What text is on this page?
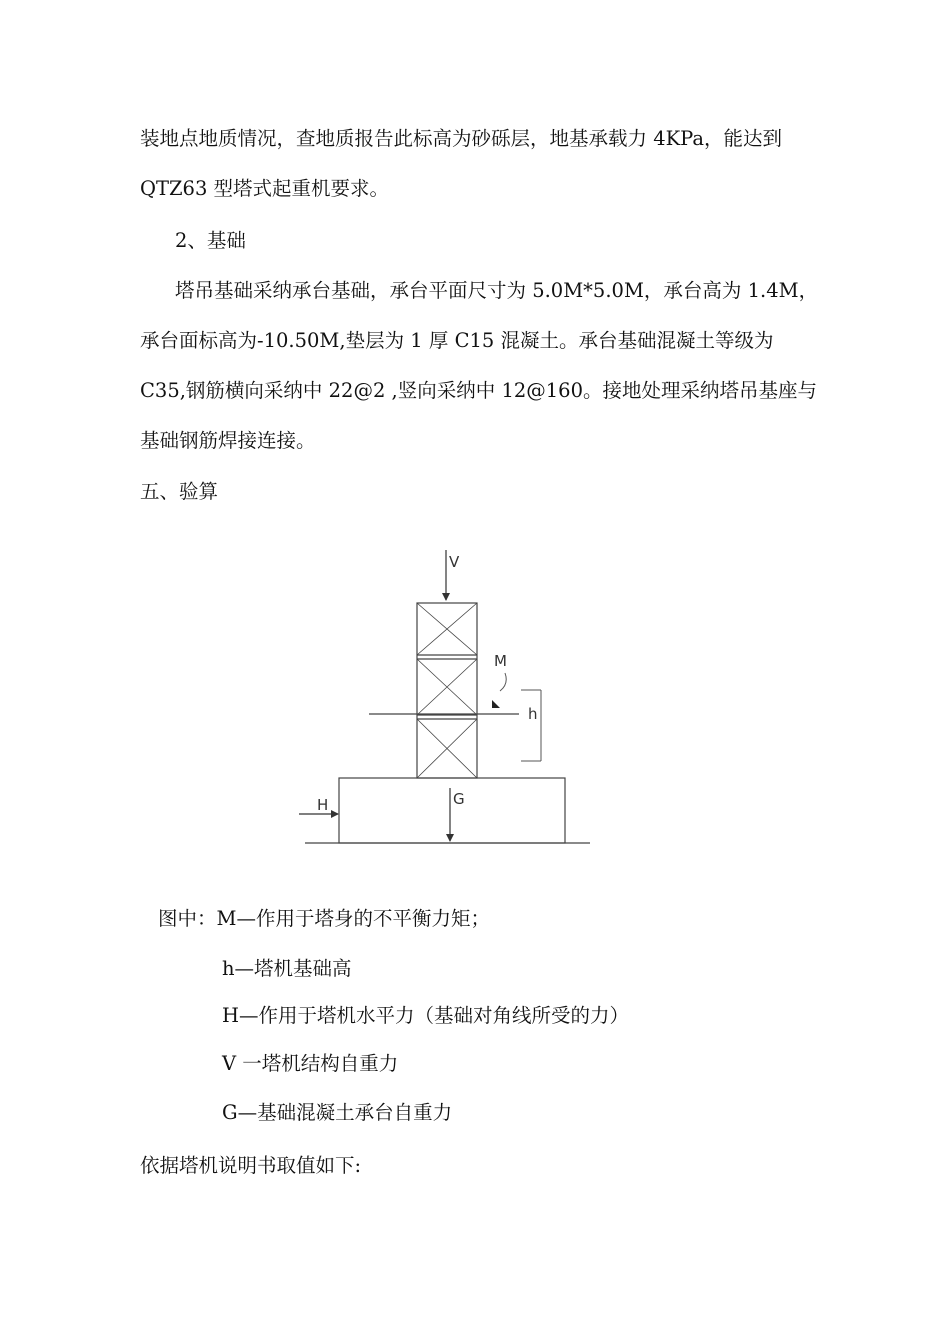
装地点地质情况，查地质报告此标高为砂砾层，地基承载力 4KPa，能达到
QTZ63 型塔式起重机要求。
2、基础
塔吊基础采纳承台基础，承台平面尺寸为 5.0M*5.0M，承台高为 1.4M，
承台面标高为-10.50M,垫层为 1 厚 C15 混凝土。承台基础混凝土等级为
C35,钢筋横向采纳中 22@2 ,竖向采纳中 12@160。接地处理采纳塔吊基座与
基础钢筋焊接连接。
五、验算
V
M
h
H	G
图中：M—作用于塔身的不平衡力矩；
h—塔机基础高
H—作用于塔机水平力（基础对角线所受的力）
V 一塔机结构自重力
G—基础混凝土承台自重力
依据塔机说明书取值如下:
